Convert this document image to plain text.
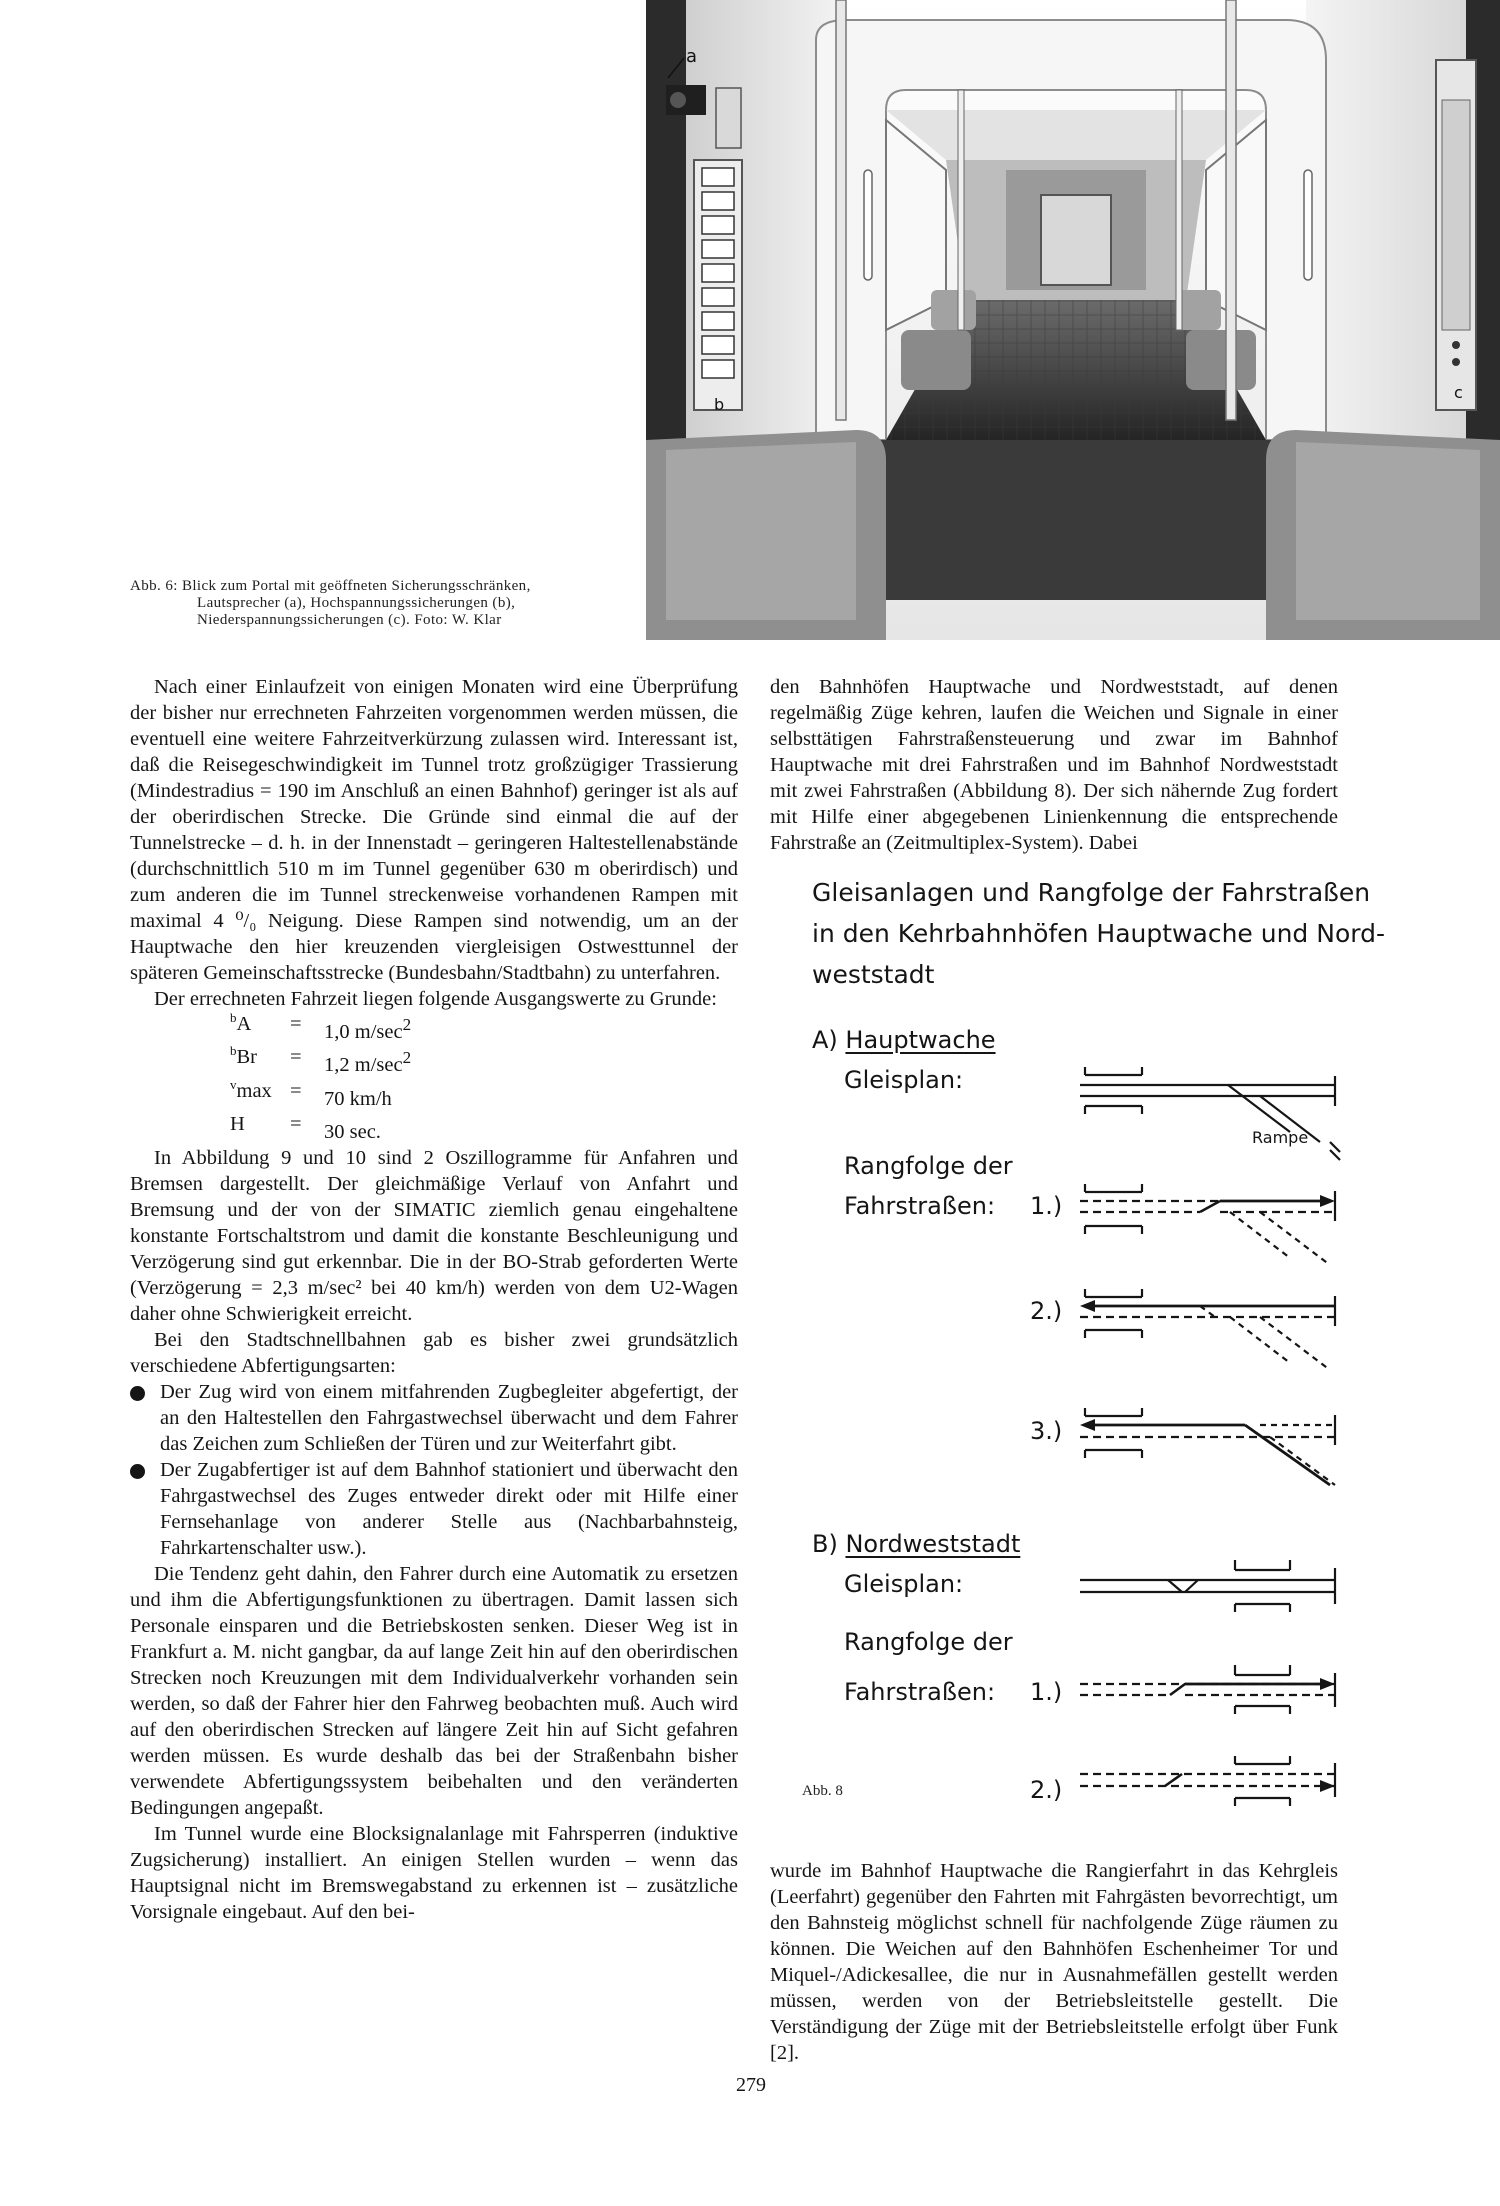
a
b
c
Abb. 6: Blick zum Portal mit geöffneten Sicherungsschränken,
Lautsprecher (a), Hochspannungssicherungen (b),
Niederspannungssicherungen (c). Foto: W. Klar

Nach einer Einlaufzeit von einigen Monaten wird eine Überprüfung der bisher nur errechneten Fahrzeiten vorgenommen werden müssen, die eventuell eine weitere Fahrzeitverkürzung zulassen wird. Interessant ist, daß die Reisegeschwindigkeit im Tunnel trotz großzügiger Trassierung (Mindestradius = 190 im Anschluß an einen Bahnhof) geringer ist als auf der oberirdischen Strecke. Die Gründe sind einmal die auf der Tunnelstrecke – d. h. in der Innenstadt – geringeren Haltestellenabstände (durchschnittlich 510 m im Tunnel gegenüber 630 m oberirdisch) und zum anderen die im Tunnel streckenweise vorhandenen Rampen mit maximal 4 ⁰/₀ Neigung. Diese Rampen sind notwendig, um an der Hauptwache den hier kreuzenden viergleisigen Ostwesttunnel der späteren Gemeinschaftsstrecke (Bundesbahn/Stadtbahn) zu unterfahren.

Der errechneten Fahrzeit liegen folgende Ausgangswerte zu Grunde:

$^b$A	=	1,0 $m/\sec^2$
$^b$Br	=	1,2 $m/\sec^2$
$^v$max =	70 km/h
H	=	30 sec.

In Abbildung 9 und 10 sind 2 Oszillogramme für Anfahren und Bremsen dargestellt. Der gleichmäßige Verlauf von Anfahrt und Bremsung und der von der SIMATIC ziemlich genau eingehaltene konstante Fortschaltstrom und damit die konstante Beschleunigung und Verzögerung sind gut erkennbar. Die in der BO-Strab geforderten Werte (Verzögerung = 2,3 m/sec² bei 40 km/h) werden von dem U2-Wagen daher ohne Schwierigkeit erreicht.

Bei den Stadtschnellbahnen gab es bisher zwei grundsätzlich verschiedene Abfertigungsarten:

Der Zug wird von einem mitfahrenden Zugbegleiter abgefertigt, der an den Haltestellen den Fahrgastwechsel überwacht und dem Fahrer das Zeichen zum Schließen der Türen und zur Weiterfahrt gibt.

Der Zugabfertiger ist auf dem Bahnhof stationiert und überwacht den Fahrgastwechsel des Zuges entweder direkt oder mit Hilfe einer Fernsehanlage von anderer Stelle aus (Nachbarbahnsteig, Fahrkartenschalter usw.).

Die Tendenz geht dahin, den Fahrer durch eine Automatik zu ersetzen und ihm die Abfertigungsfunktionen zu übertragen. Damit lassen sich Personale einsparen und die Betriebskosten senken. Dieser Weg ist in Frankfurt a. M. nicht gangbar, da auf lange Zeit hin auf den oberirdischen Strecken noch Kreuzungen mit dem Individualverkehr vorhanden sein werden, so daß der Fahrer hier den Fahrweg beobachten muß. Auch wird auf den oberirdischen Strecken auf längere Zeit hin auf Sicht gefahren werden müssen. Es wurde deshalb das bei der Straßenbahn bisher verwendete Abfertigungssystem beibehalten und den veränderten Bedingungen angepaßt.

Im Tunnel wurde eine Blocksignalanlage mit Fahrsperren (induktive Zugsicherung) installiert. An einigen Stellen wurden – wenn das Hauptsignal nicht im Bremswegabstand zu erkennen ist – zusätzliche Vorsignale eingebaut. Auf den bei-

den Bahnhöfen Hauptwache und Nordweststadt, auf denen regelmäßig Züge kehren, laufen die Weichen und Signale in einer selbsttätigen Fahrstraßensteuerung und zwar im Bahnhof Hauptwache mit drei Fahrstraßen und im Bahnhof Nordweststadt mit zwei Fahrstraßen (Abbildung 8). Der sich nähernde Zug fordert mit Hilfe einer abgegebenen Linienkennung die entsprechende Fahrstraße an (Zeitmultiplex-System). Dabei

Gleisanlagen und Rangfolge der Fahrstraßen
in den Kehrbahnhöfen Hauptwache und Nord-
weststadt
A) Hauptwache
Gleisplan:
Rangfolge der
Fahrstraßen: 1.)
2.)
3.)
Rampe
B) Nordweststadt
Gleisplan:
Rangfolge der
Fahrstraßen: 1.)
2.)
Abb. 8

wurde im Bahnhof Hauptwache die Rangierfahrt in das Kehrgleis (Leerfahrt) gegenüber den Fahrten mit Fahrgästen bevorrechtigt, um den Bahnsteig möglichst schnell für nachfolgende Züge räumen zu können. Die Weichen auf den Bahnhöfen Eschenheimer Tor und Miquel-/Adickesallee, die nur in Ausnahmefällen gestellt werden müssen, werden von der Betriebsleitstelle gestellt. Die Verständigung der Züge mit der Betriebsleitstelle erfolgt über Funk [2].

279
